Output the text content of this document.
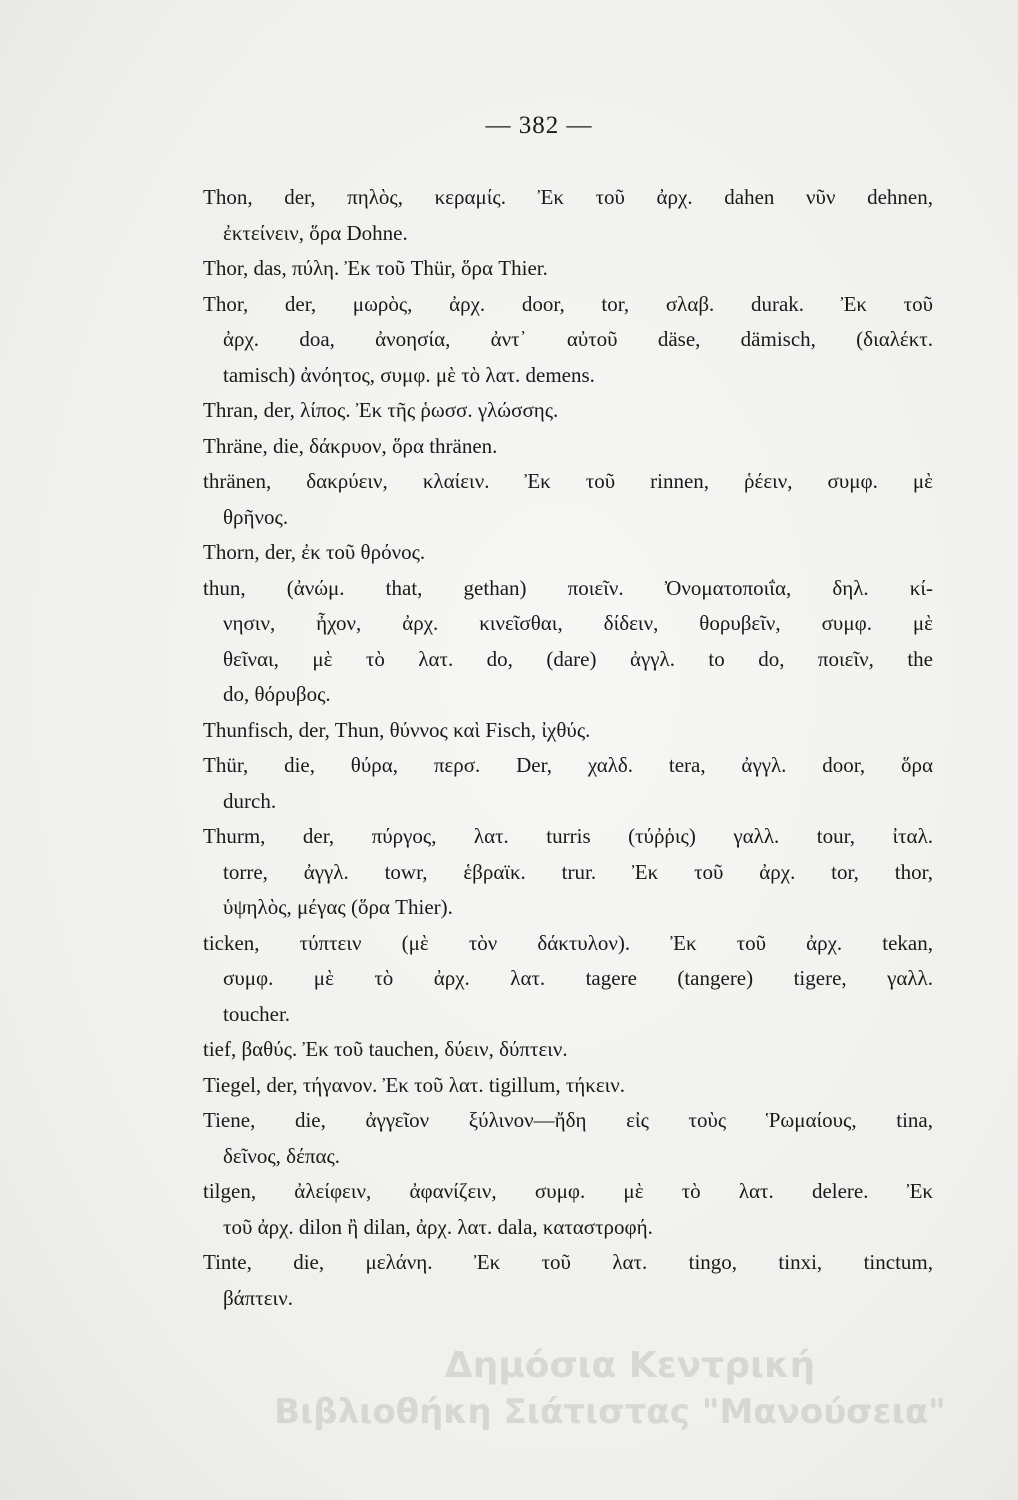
— 382 —
Thon, der, πηλὸς, κεραμίς. Ἐκ τοῦ ἀρχ. dahen νῦν dehnen,
ἐκτείνειν, ὅρα Dohne.
Thor, das, πύλη. Ἐκ τοῦ Thür, ὅρα Thier.
Thor, der, μωρὸς, ἀρχ. door, tor, σλαβ. durak. Ἐκ τοῦ
ἀρχ. doa, ἀνοησία, ἀντ᾽ αὐτοῦ däse, dämisch, (διαλέκτ.
tamisch) ἀνόητος, συμφ. μὲ τὸ λατ. demens.
Thran, der, λίπος. Ἐκ τῆς ῥωσσ. γλώσσης.
Thräne, die, δάκρυον, ὅρα thränen.
thränen, δακρύειν, κλαίειν. Ἐκ τοῦ rinnen, ῥέειν, συμφ. μὲ
θρῆνος.
Thorn, der, ἐκ τοῦ θρόνος.
thun, (ἀνώμ. that, gethan) ποιεῖν. Ὀνοματοποιΐα, δηλ. κί-
νησιν, ἦχον, ἀρχ. κινεῖσθαι, δίδειν, θορυβεῖν, συμφ. μὲ
θεῖναι, μὲ τὸ λατ. do, (dare) ἀγγλ. to do, ποιεῖν, the
do, θόρυβος.
Thunfisch, der, Thun, θύννος καὶ Fisch, ἰχθύς.
Thür, die, θύρα, περσ. Der, χαλδ. tera, ἀγγλ. door, ὅρα
durch.
Thurm, der, πύργος, λατ. turris (τύῤῥις) γαλλ. tour, ἰταλ.
torre, ἀγγλ. towr, ἑβραϊκ. trur. Ἐκ τοῦ ἀρχ. tor, thor,
ὑψηλὸς, μέγας (ὅρα Thier).
ticken, τύπτειν (μὲ τὸν δάκτυλον). Ἐκ τοῦ ἀρχ. tekan,
συμφ. μὲ τὸ ἀρχ. λατ. tagere (tangere) tigere, γαλλ.
toucher.
tief, βαθύς. Ἐκ τοῦ tauchen, δύειν, δύπτειν.
Tiegel, der, τήγανον. Ἐκ τοῦ λατ. tigillum, τήκειν.
Tiene, die, ἀγγεῖον ξύλινον—ἤδη εἰς τοὺς Ῥωμαίους, tina,
δεῖνος, δέπας.
tilgen, ἀλείφειν, ἀφανίζειν, συμφ. μὲ τὸ λατ. delere. Ἐκ
τοῦ ἀρχ. dilon ἢ dilan, ἀρχ. λατ. dala, καταστροφή.
Tinte, die, μελάνη. Ἐκ τοῦ λατ. tingo, tinxi, tinctum,
βάπτειν.
Δημόσια Κεντρική
Βιβλιοθήκη Σιάτιστας "Μανούσεια"
